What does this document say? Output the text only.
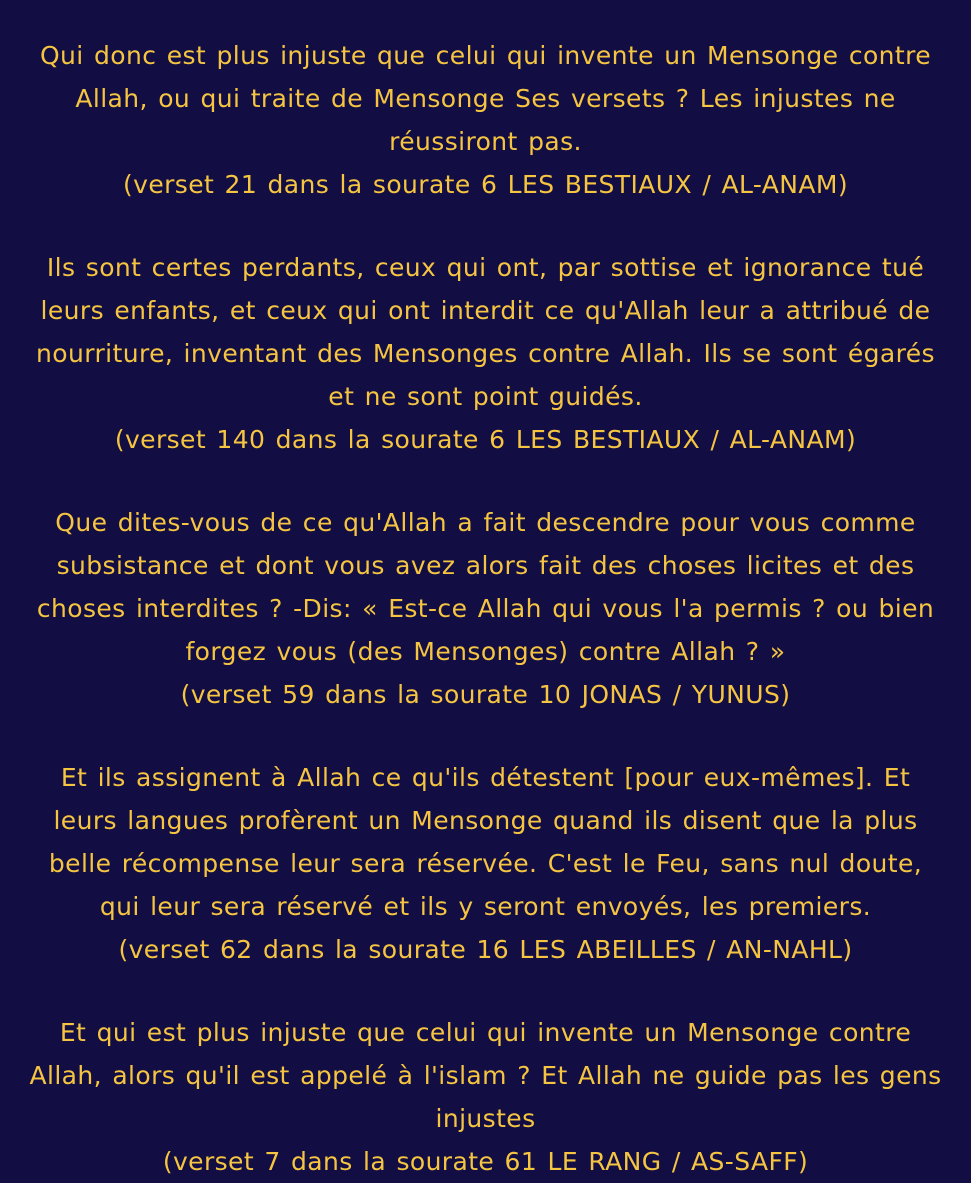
Qui donc est plus injuste que celui qui invente un Mensonge contre Allah, ou qui traite de Mensonge Ses versets ? Les injustes ne réussiront pas.
(verset 21 dans la sourate 6 LES BESTIAUX / AL-ANAM)
Ils sont certes perdants, ceux qui ont, par sottise et ignorance tué leurs enfants, et ceux qui ont interdit ce qu'Allah leur a attribué de nourriture, inventant des Mensonges contre Allah. Ils se sont égarés et ne sont point guidés.
(verset 140 dans la sourate 6 LES BESTIAUX / AL-ANAM)
Que dites-vous de ce qu'Allah a fait descendre pour vous comme subsistance et dont vous avez alors fait des choses licites et des choses interdites ? -Dis: « Est-ce Allah qui vous l'a permis ? ou bien forgez vous (des Mensonges) contre Allah ? »
(verset 59 dans la sourate 10 JONAS / YUNUS)
Et ils assignent à Allah ce qu'ils détestent [pour eux-mêmes]. Et leurs langues profèrent un Mensonge quand ils disent que la plus belle récompense leur sera réservée. C'est le Feu, sans nul doute, qui leur sera réservé et ils y seront envoyés, les premiers.
(verset 62 dans la sourate 16 LES ABEILLES / AN-NAHL)
Et qui est plus injuste que celui qui invente un Mensonge contre Allah, alors qu'il est appelé à l'islam ? Et Allah ne guide pas les gens injustes
(verset 7 dans la sourate 61 LE RANG / AS-SAFF)
